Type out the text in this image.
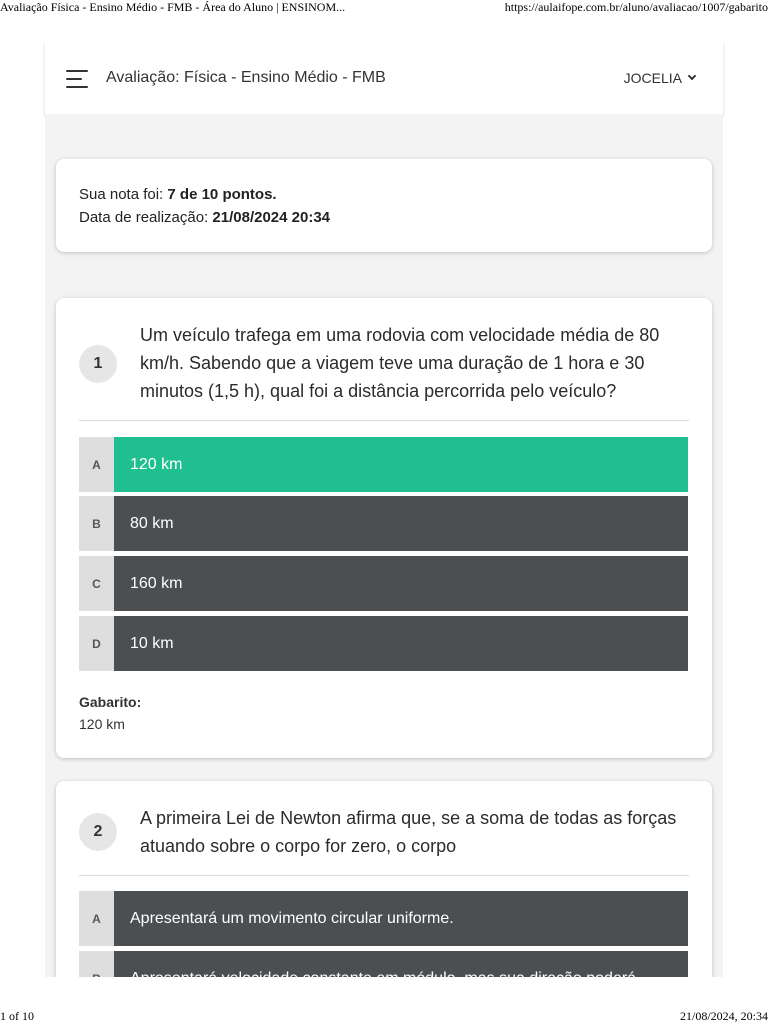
Avaliação Física - Ensino Médio - FMB - Área do Aluno | ENSINOM...	https://aulaifope.com.br/aluno/avaliacao/1007/gabarito
Avaliação: Física - Ensino Médio - FMB	JOCELIA
Sua nota foi: 7 de 10 pontos.
Data de realização: 21/08/2024 20:34
1
Um veículo trafega em uma rodovia com velocidade média de 80 km/h. Sabendo que a viagem teve uma duração de 1 hora e 30 minutos (1,5 h), qual foi a distância percorrida pelo veículo?
A	120 km
B	80 km
C	160 km
D	10 km
Gabarito:
120 km
2
A primeira Lei de Newton afirma que, se a soma de todas as forças atuando sobre o corpo for zero, o corpo
A	Apresentará um movimento circular uniforme.
1 of 10	21/08/2024, 20:34
